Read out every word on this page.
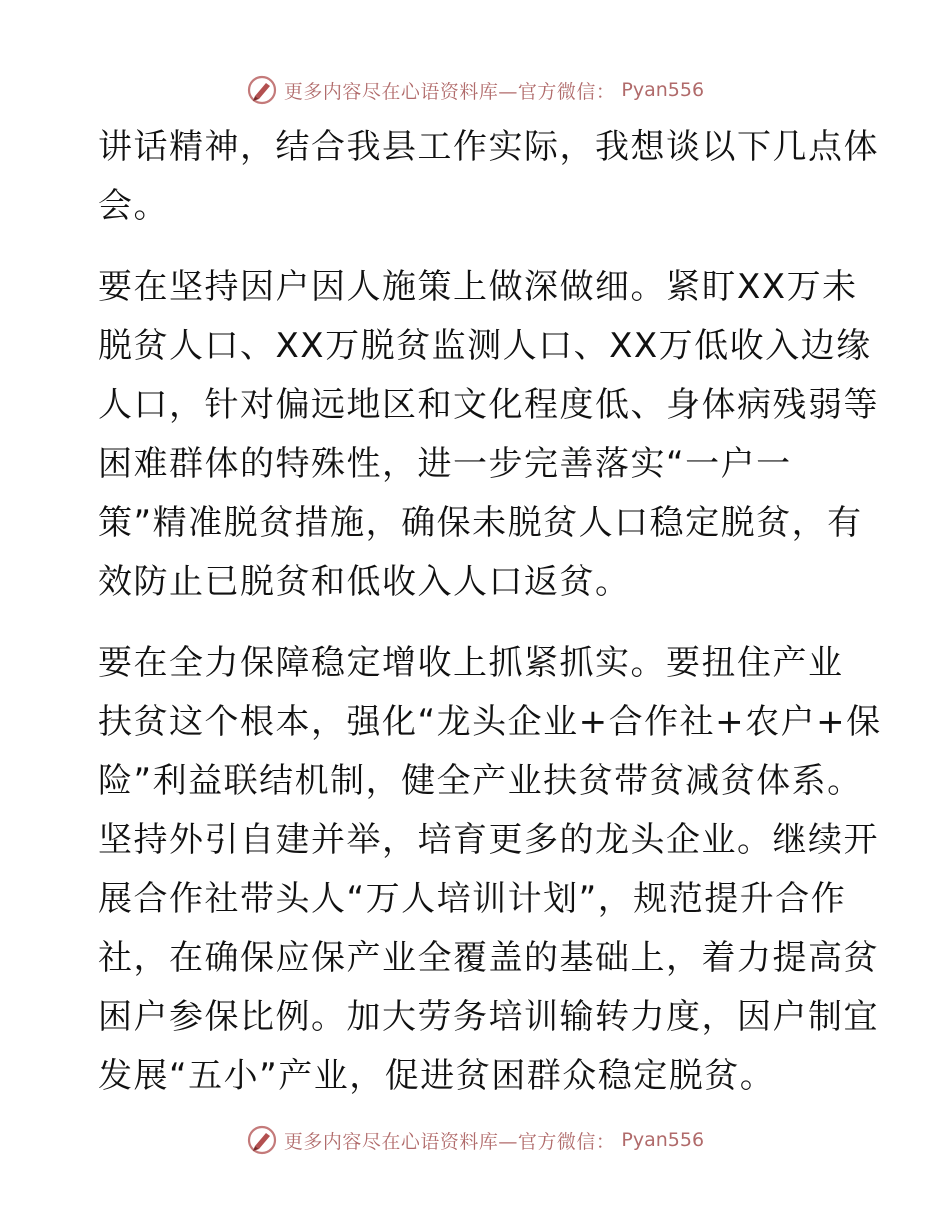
更多内容尽在心语资料库—官方微信： Pyan556
讲话精神，结合我县工作实际，我想谈以下几点体
会。
要在坚持因户因人施策上做深做细。紧盯XX万未
脱贫人口、XX万脱贫监测人口、XX万低收入边缘
人口，针对偏远地区和文化程度低、身体病残弱等
困难群体的特殊性，进一步完善落实“一户一
策”精准脱贫措施，确保未脱贫人口稳定脱贫，有
效防止已脱贫和低收入人口返贫。
要在全力保障稳定增收上抓紧抓实。要扭住产业
扶贫这个根本，强化“龙头企业+合作社+农户+保
险”利益联结机制，健全产业扶贫带贫减贫体系。
坚持外引自建并举，培育更多的龙头企业。继续开
展合作社带头人“万人培训计划”，规范提升合作
社，在确保应保产业全覆盖的基础上，着力提高贫
困户参保比例。加大劳务培训输转力度，因户制宜
发展“五小”产业，促进贫困群众稳定脱贫。
更多内容尽在心语资料库—官方微信： Pyan556
